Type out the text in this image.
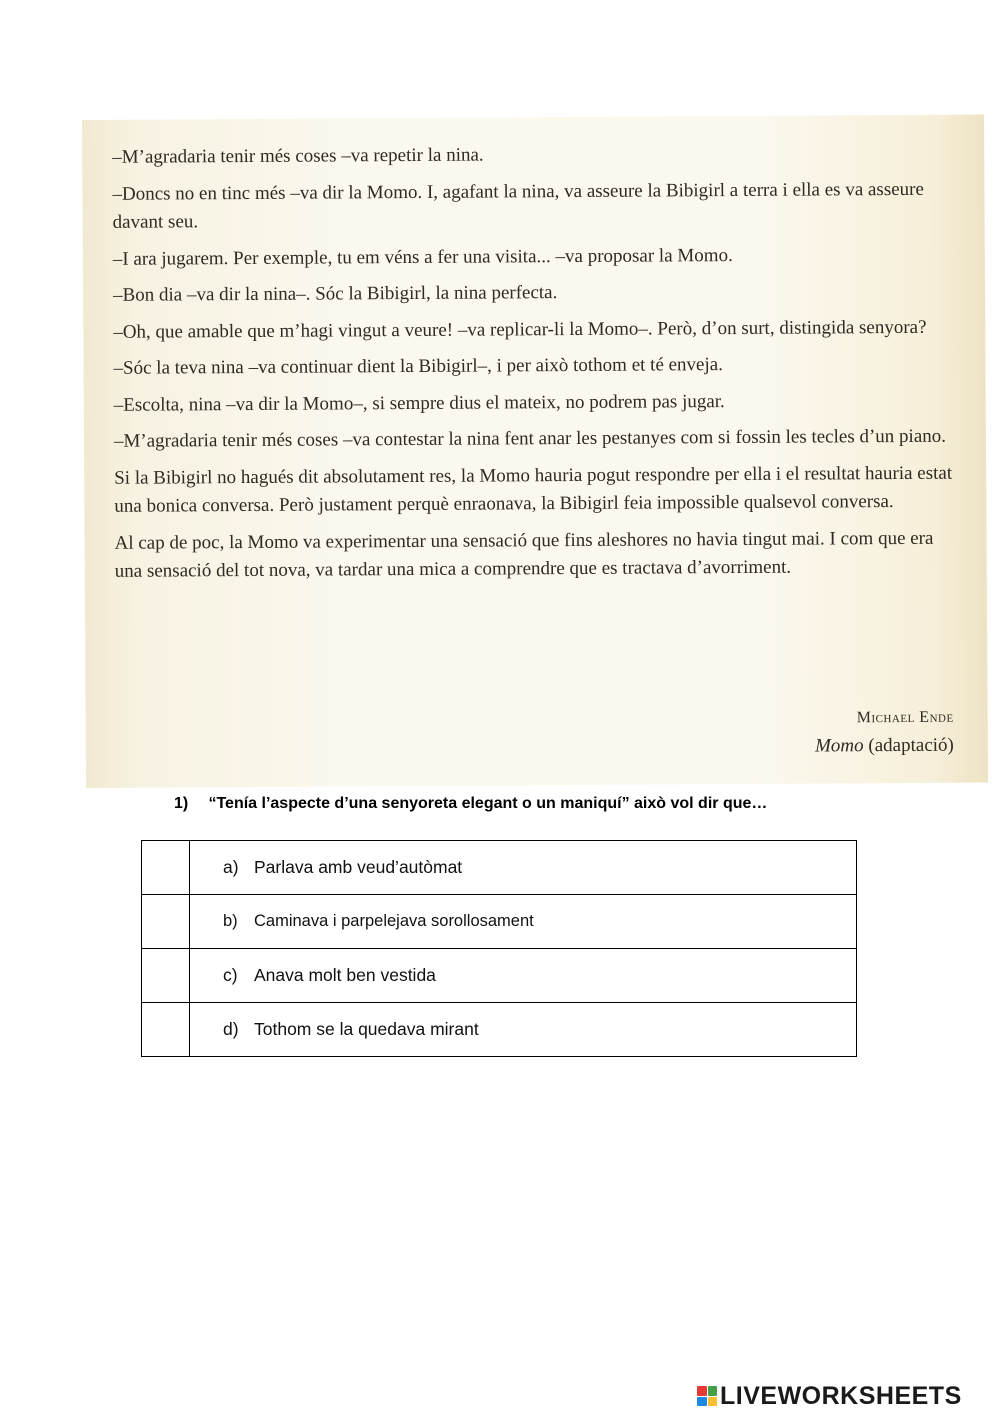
–M’agradaria tenir més coses –va repetir la nina.

–Doncs no en tinc més –va dir la Momo. I, agafant la nina, va asseure la Bibigirl a terra i ella es va asseure davant seu.

–I ara jugarem. Per exemple, tu em véns a fer una visita... –va proposar la Momo.

–Bon dia –va dir la nina–. Sóc la Bibigirl, la nina perfecta.

–Oh, que amable que m’hagi vingut a veure! –va replicar-li la Momo–. Però, d’on surt, distingida senyora?

–Sóc la teva nina –va continuar dient la Bibigirl–, i per això tothom et té enveja.

–Escolta, nina –va dir la Momo–, si sempre dius el mateix, no podrem pas jugar.

–M’agradaria tenir més coses –va contestar la nina fent anar les pestanyes com si fossin les tecles d’un piano.

Si la Bibigirl no hagués dit absolutament res, la Momo hauria pogut respondre per ella i el resultat hauria estat una bonica conversa. Però justament perquè enraonava, la Bibigirl feia impossible qualsevol conversa.

Al cap de poc, la Momo va experimentar una sensació que fins aleshores no havia tingut mai. I com que era una sensació del tot nova, va tardar una mica a comprendre que es tractava d’avorriment.

Michael Ende
Momo (adaptació)
1) “Tenía l’aspecte d’una senyoreta elegant o un maniquí” això vol dir que…
	a) Parlava amb veud’autòmat
	b) Caminava i parpelejava sorollosament
	c) Anava molt ben vestida
	d) Tothom se la quedava mirant
LIVEWORKSHEETS
